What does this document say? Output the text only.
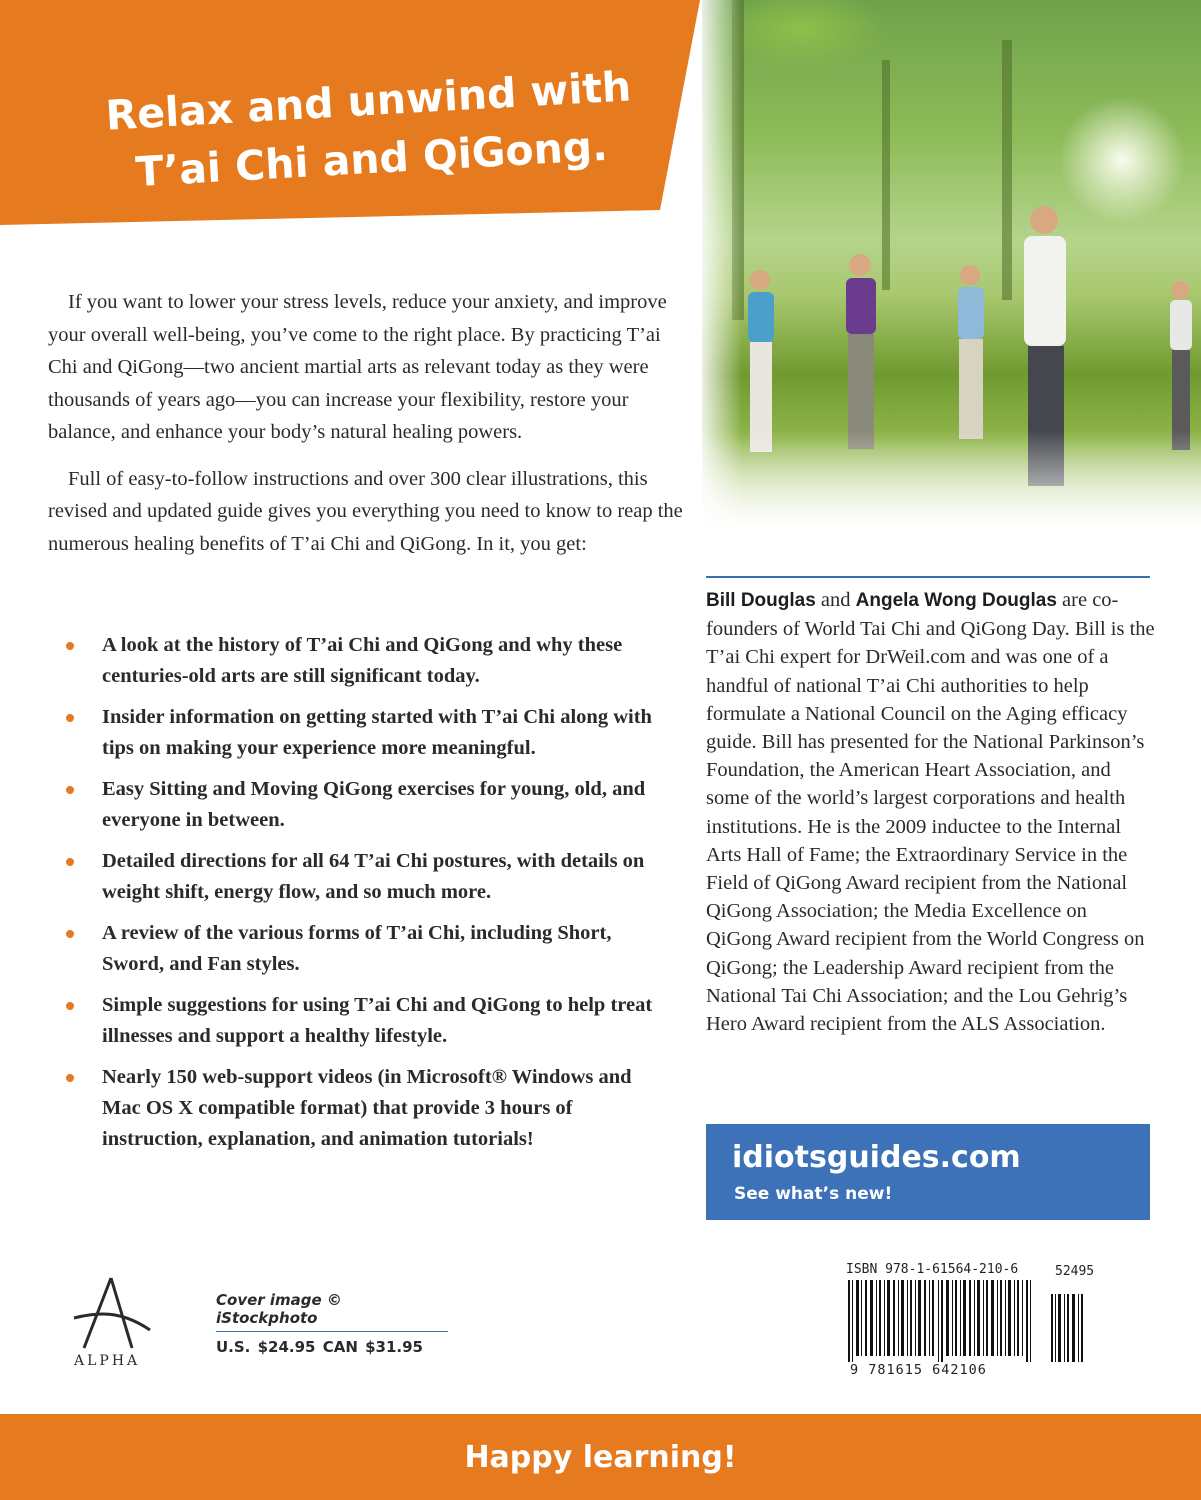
Relax and unwind with
T’ai Chi and QiGong.

If you want to lower your stress levels, reduce your anxiety, and improve your overall well-being, you’ve come to the right place. By practicing T’ai Chi and QiGong—two ancient martial arts as relevant today as they were thousands of years ago—you can increase your flexibility, restore your balance, and enhance your body’s natural healing powers.

Full of easy-to-follow instructions and over 300 clear illustrations, this revised and updated guide gives you everything you need to know to reap the numerous healing benefits of T’ai Chi and QiGong. In it, you get:

A look at the history of T’ai Chi and QiGong and why these centuries-old arts are still significant today.
Insider information on getting started with T’ai Chi along with tips on making your experience more meaningful.
Easy Sitting and Moving QiGong exercises for young, old, and everyone in between.
Detailed directions for all 64 T’ai Chi postures, with details on weight shift, energy flow, and so much more.
A review of the various forms of T’ai Chi, including Short, Sword, and Fan styles.
Simple suggestions for using T’ai Chi and QiGong to help treat illnesses and support a healthy lifestyle.
Nearly 150 web-support videos (in Microsoft® Windows and Mac OS X compatible format) that provide 3 hours of instruction, explanation, and animation tutorials!
Bill Douglas and Angela Wong Douglas are co-founders of World Tai Chi and QiGong Day. Bill is the T’ai Chi expert for DrWeil.com and was one of a handful of national T’ai Chi authorities to help formulate a National Council on the Aging efficacy guide. Bill has presented for the National Parkinson’s Foundation, the American Heart Association, and some of the world’s largest corporations and health institutions. He is the 2009 inductee to the Internal Arts Hall of Fame; the Extraordinary Service in the Field of QiGong Award recipient from the National QiGong Association; the Media Excellence on QiGong Award recipient from the World Congress on QiGong; the Leadership Award recipient from the National Tai Chi Association; and the Lou Gehrig’s Hero Award recipient from the ALS Association.
idiotsguides.com
See what’s new!
ALPHA
Cover image © iStockphoto
U.S. $24.95 CAN $31.95
ISBN 978-1-61564-210-6	52495
9 781615 642106
Happy learning!
